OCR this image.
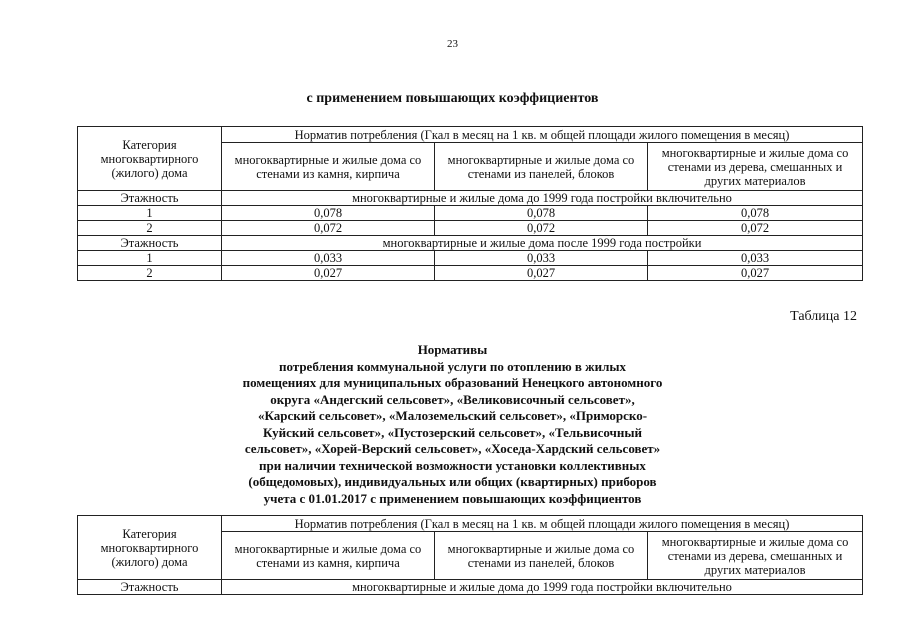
23
с применением повышающих коэффициентов
Категория многоквартирного (жилого) дома	Норматив потребления (Гкал в месяц на 1 кв. м общей площади жилого помещения в месяц)		
	многоквартирные и жилые дома со стенами из камня, кирпича	многоквартирные и жилые дома со стенами из панелей, блоков	многоквартирные и жилые дома со стенами из дерева, смешанных и других материалов
Этажность	многоквартирные и жилые дома до 1999 года постройки включительно		
1	0,078	0,078	0,078
2	0,072	0,072	0,072
Этажность	многоквартирные и жилые дома после 1999 года постройки		
1	0,033	0,033	0,033
2	0,027	0,027	0,027
Таблица 12
Нормативы
потребления коммунальной услуги по отоплению в жилых
помещениях для муниципальных образований Ненецкого автономного
округа «Андегский сельсовет», «Великовисочный сельсовет»,
«Карский сельсовет», «Малоземельский сельсовет», «Приморско-
Куйский сельсовет», «Пустозерский сельсовет», «Тельвисочный
сельсовет», «Хорей-Верский сельсовет», «Хоседа-Хардский сельсовет»
при наличии технической возможности установки коллективных
(общедомовых), индивидуальных или общих (квартирных) приборов
учета с 01.01.2017 с применением повышающих коэффициентов
Категория многоквартирного (жилого) дома	Норматив потребления (Гкал в месяц на 1 кв. м общей площади жилого помещения в месяц)		
	многоквартирные и жилые дома со стенами из камня, кирпича	многоквартирные и жилые дома со стенами из панелей, блоков	многоквартирные и жилые дома со стенами из дерева, смешанных и других материалов
Этажность	многоквартирные и жилые дома до 1999 года постройки включительно		
